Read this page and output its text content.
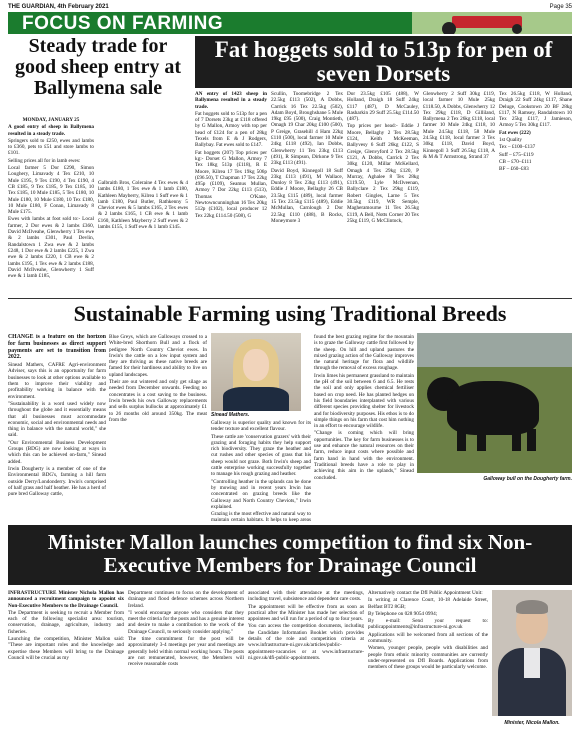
THE GUARDIAN, 4th February 2021	Page 35
FOCUS ON FARMING
Steady trade for good sheep entry at Ballymena sale

MONDAY, JANUARY 25

A good entry of sheep in Ballymena resulted in a steady trade.

Springers sold to £250, ewes and lambs to £360, pets to £51 and store lambs to £101.

Selling prices all for in lamb ewes:

Local farmer 5 Dor £290, Simon Loughery, Limavady 4 Tex £210, 10 Mule £195, 9 Tex £190, 4 Tex £190, 4 CB £185, 9 Tex £185, 9 Tex £185, 10 Tex £185, 10 Mule £185, 5 Tex £180, 10 Mule £180, 10 Mule £180, 10 Tex £180, 10 Mule £180, F Conan, Limavady 8 Mule £175.

Ewes with lambs at foot sold to:- Local farmer, 2 Dor ewes & 2 lambs £360, David McIlveahe, Glenwherry 1 Tex ewe & 2 lambs £301, Paul Devlin, Randalstown 1 Zwa ewe & 2 lambs £248, 1 Dor ewe & 2 lambs £225, 1 Zwa ewe & 2 lambs £220, 1 CB ewe & 2 lambs £195, 1 Tex ewe & 2 lambs £188, David McIlveahe, Glenwherry 1 Suff ewe & 1 lamb £185,

Galbraith Bros, Coleraine 4 Tex ewes & 4 lambs £180, 1 Tex ewe & 1 lamb £180, Kathleen Mayberry, Kilrea 1 Suff ewe & 1 lamb £180, Paul Butler, Rathkenny 5 Cheviot ewes & 5 lambs £165, 2 Tex ewes & 2 lambs £165, 1 CB ewe & 1 lamb £160, Kathleen Mayberry 2 Suff ewes & 2 lambs £155, 1 Suff ewe & 1 lamb £145.

Fat hoggets sold to 513p for pen of seven Dorsets

AN entry of 1423 sheep in Ballymena resulted in a steady trade.

Fat hoggets sold to 513p for a pen of 7 Dorsets 23kg at £118 offered by G Mallon, Armoy with top per head of £124 for a pen of 28kg Texels from E & J Rodgers, Ballybay. Fat ewes sold to £147.

Fat hoggets (207) Top prices per kg:- Dorset G Mallon, Armoy 7 Tex 18kg 513p (£118), R E Moore, Kilrea 17 Tex 19kg 506p (£96.50), T Chapman 17 Tex 22kg 495p (£109), Seamus Mullan, Armoy 7 Dor 22kg £113 (513), Thomas O'Kane, Newtowncunninghan 16 Tex 20kg 512p (£102), local producer 12 Tex 22kg £114.50 (508), G

Scullin, Toomebridge 2 Tex 22.5kg £113 (502), A Dobbs, Carrick 16 Tex 22.5kg (502), Adam Boyd, Broughshane 5 Mule 19kg £95 (500), Craig Montieth, Omagh 19 Char 20kg £100 (500), P Greige, Grasehill 4 Ham 22kg £110 (500), local farmer 10 Mule 24kg £118 (492), Ian Dobbs, Glenwherry 11 Tex 23kg £113 (491), R Simpson, Dirkone 9 Tex 23kg £113 (491).

David Boyd, Kinnegoll 18 Suff 23kg £113 (491), M Wallace, Dunloy 8 Tex 23kg £113 (491), Eddie J Moore, Bellaghy 26 CB 23.5kg £115 (489), local farmer 15 Tex 23.5kg £115 (489), Eddie McMullan, Carnlough 2 Dor 22.5kg £110 (488), B Rocks, Moneymore 3

Dor 23.5kg £105 (488), W Holland, Draigh 18 Suff 24kg £117 (487), D McCauley, Rasharkin 29 Suff 25.5kg £114.50 (487).

Top prices per head:- Eddie J Moore, Bellaghy 2 Tex 28.5kg £124, Keith McKeeman, Ballyvesy 6 Suff 26kg £122, S Greige, Glenvyford 2 Tex 28.5kg £121, A Dobbs, Carrick 2 Tex 30kg £120, Millar McKellard, Omagh 4 Tex 29kg £120, P Murray, Aghalee 8 Tex 28kg £119.50, Lyle McIlveenan, Ballyclare 2 Tex 29kg £119, Robert Gingles, Larne 5 Tex 30.5kg £119, WR Semple, Magheramourne 11 Tex 26.5kg £119, A Bell, Notts Corner 20 Tex 25kg £119, G McClintock,

Glenwherry 2 Suff 30kg £119, local farmer 10 Mule 25kg £118.50, A Dobbs, Glenwherry 12 Tex 29kg £118, D Gilliland, Ballymena 2 Tex 26kg £118, local farmer 10 Mule 24kg £118, 10 Mule 24.5kg £118, 58 Mule 24.5kg £118, local farmer 3 Tex 30kg £118, David Boyd, Kinnegoll 3 Suff 26.5kg £118, A & M & T Armstrong, Strand 37

Tex 26.5kg £118, W Holland, Draigh 22 Suff 24kg £117, Shane Deluge, Cookstown 20 BF 28kg £117, N Ramsey, Randalstown 10 Tex 25kg £117, J Jamieson, Armoy 5 Tex 30kg £117.

Fat ewes (222)

1st Quality

Tex – £100–£137

Suff – £75–£119

CB – £70–£111

BF – £60–£83

Sustainable Farming using Traditional Breeds

CHANGE is a feature on the horizon for farm businesses as direct support payments are set to transition from 2022.

Sinead Mathers, CAFRE Agri-environment Adviser, says this is an opportunity for farm businesses to look at other options available to them to improve their viability and profitability working in balance with the environment.

"Sustainability is a word used widely now throughout the globe and it essentially means that all businesses must accommodate economic, social and environmental needs and thing in balance with the natural world," she said.

"Our Environmental Business Development Groups (BDG) are now looking at ways in which this can be achieved on-farm," Sinead added.

Irwin Dougherty is a member of one of the Environmental BDG's, farming a hill farm outside Derry/Londonderry. Irwin's comprised of half grass and half heather. He has a herd of pure bred Galloway cattle,

Blue Greys, which are Galloways crossed to a White-bred Shorthorn Bull and a flock of pedigree North Country Cheviot ewes. In Irwin's the cattle on a low input system and they are thriving as these native breeds are famed for their hardiness and ability to live on upland landscapes.

Their are out wintered and only get silage as needed from December onwards. Feeding no concentrates is a cost saving to the business. Irwin breeds his own Galloway replacements and sells surplus bullocks at approximately £1 to 26 months old around 350kg. The meat from the

Sinead Mathers.

Galloway is superior quality and known for its tender texture and excellent flavour.

These cattle are 'conservation grazers' with their grazing and foraging habits they help support rich biodiversity. They graze the heather and cut rushes and other species of grass that his sheep would not graze. Both Irwin's sheep and cattle enterprise working successfully together to manage his rough grazing and heather.

"Controlling heather in the uplands can be done by mowing and in recent years Irwin has concentrated on grazing breeds like the Galloway and North Country Cheviots," Irwin explained.

Grazing is the most effective and natural way to maintain certain habitats. It helps to keep areas

found the best grazing regime for the mountain is to graze the Galloway cattle first followed by the sheep. On hill and upland pastures the mixed grazing action of the Galloway improves the natural heritage for flora and wildlife through the removal of excess roughage.

Irwin limes his permanent grassland to maintain the pH of the soil between 6 and 6.5. He rests the soil and only applies chemical fertiliser based on crop need. He has planted hedges on his field boundaries interplanted with various different species providing shelter for livestock and for biodiversity purposes. His ethos is to do simple things on his farm that cost him nothing in an effort to encourage wildlife.

"Change is coming which will bring opportunities. The key for farm businesses is to use and enhance the natural resources on their farm, reduce input costs where possible and farm hand in hand with the environment. Traditional breeds have a role to play in achieving this aim in the uplands," Sinead concluded.	Galloway bull on the Dougherty farm.
Minister Mallon launches competition to find six Non-Executive Members for Drainage Council

INFRASTRUCTURE Minister Nichola Mallon has announced a recruitment campaign to appoint six Non-Executive Members to the Drainage Council.

The Department is seeking to recruit a Member from each of the following specialist area: tourism, conservation, drainage, agriculture, industry and fisheries.

Launching the competition, Minister Mallon said: "These are important roles and the knowledge and expertise these Members will bring to the Drainage Council will be crucial as my

Department continues to focus on the development of drainage and flood defence schemes across Northern Ireland.

"I would encourage anyone who considers that they meet the criteria for the posts and has a genuine interest and desire to make a contribution to the work of the Drainage Council, to seriously consider applying."

The time commitment for the post will be approximately 3-4 meetings per year and meetings are generally held within normal working hours. The posts are not remunerated, however, the Members will receive reasonable costs

associated with their attendance at the meetings, including travel, subsistence and dependent care costs.

The appointment will be effective from as soon as practical after the Minister has made her selection of appointees and will run for a period of up to four years.

You can access the competition documents, including the Candidate Information Booklet which provides details of the role and competition criteria at www.infrastructure-ni.gov.uk/articles/public-appointment-vacancies or at www.infrastructure-ni.gov.uk/dfi-public-appointments.

Alternatively contact the DfI Public Appointment Unit:

In writing at Clarence Court, 10-18 Adelaide Street, Belfast BT2 8GB;

By Telephone on 028 9054 0994;

By e-mail: Send your request to: publicappointments@infrastructure-ni.gov.uk

Applications will be welcomed from all sections of the community.

Women, younger people, people with disabilities and people from ethnic minority communities are currently under-represented on DfI Boards. Applications from members of these groups would be particularly welcome.

Minister, Nicola Mallon.
